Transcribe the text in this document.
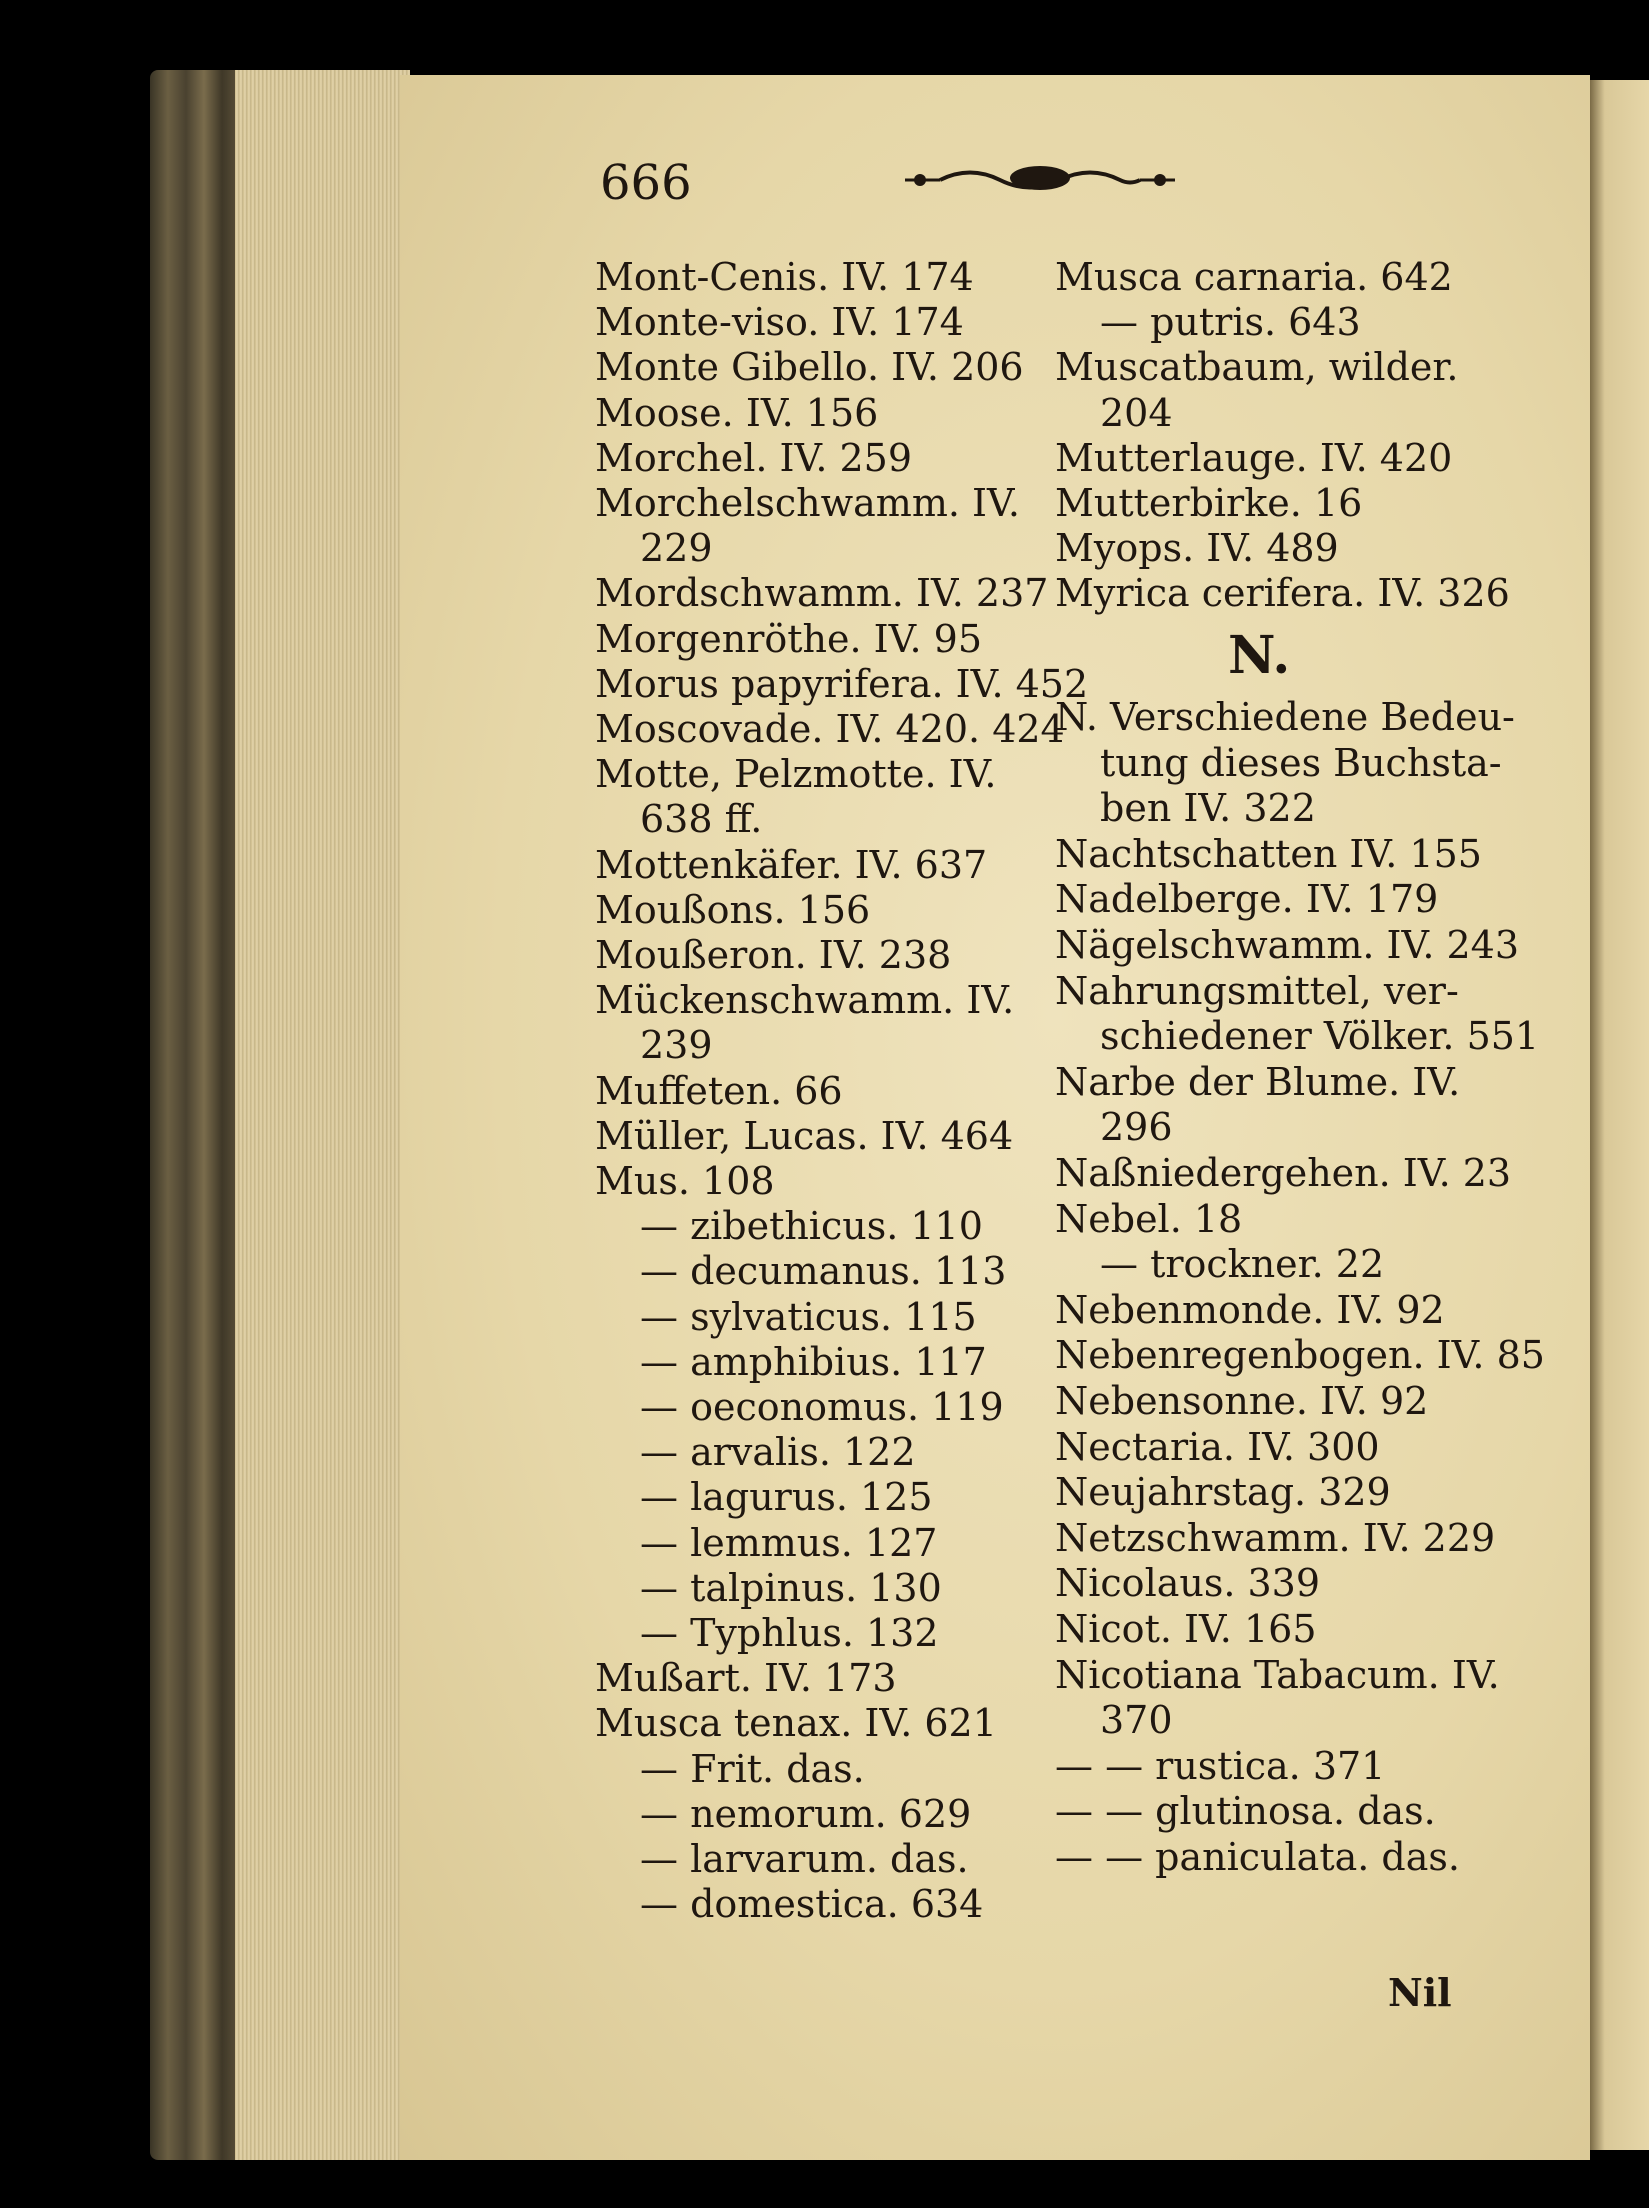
666
Mont-Cenis. IV. 174
Monte-viso. IV. 174
Monte Gibello. IV. 206
Moose. IV. 156
Morchel. IV. 259
Morchelschwamm. IV.
229
Mordschwamm. IV. 237
Morgenröthe. IV. 95
Morus papyrifera. IV. 452
Moscovade. IV. 420. 424
Motte, Pelzmotte. IV.
638 ff.
Mottenkäfer. IV. 637
Moußons. 156
Moußeron. IV. 238
Mückenschwamm. IV.
239
Muffeten. 66
Müller, Lucas. IV. 464
Mus. 108
— zibethicus. 110
— decumanus. 113
— sylvaticus. 115
— amphibius. 117
— oeconomus. 119
— arvalis. 122
— lagurus. 125
— lemmus. 127
— talpinus. 130
— Typhlus. 132
Mußart. IV. 173
Musca tenax. IV. 621
— Frit. das.
— nemorum. 629
— larvarum. das.
— domestica. 634
Musca carnaria. 642
— putris. 643
Muscatbaum, wilder.
204
Mutterlauge. IV. 420
Mutterbirke. 16
Myops. IV. 489
Myrica cerifera. IV. 326
N.
N. Verschiedene Bedeu-
tung dieses Buchsta-
ben IV. 322
Nachtschatten IV. 155
Nadelberge. IV. 179
Nägelschwamm. IV. 243
Nahrungsmittel, ver-
schiedener Völker. 551
Narbe der Blume. IV.
296
Naßniedergehen. IV. 23
Nebel. 18
— trockner. 22
Nebenmonde. IV. 92
Nebenregenbogen. IV. 85
Nebensonne. IV. 92
Nectaria. IV. 300
Neujahrstag. 329
Netzschwamm. IV. 229
Nicolaus. 339
Nicot. IV. 165
Nicotiana Tabacum. IV.
370
— — rustica. 371
— — glutinosa. das.
— — paniculata. das.
Nil
